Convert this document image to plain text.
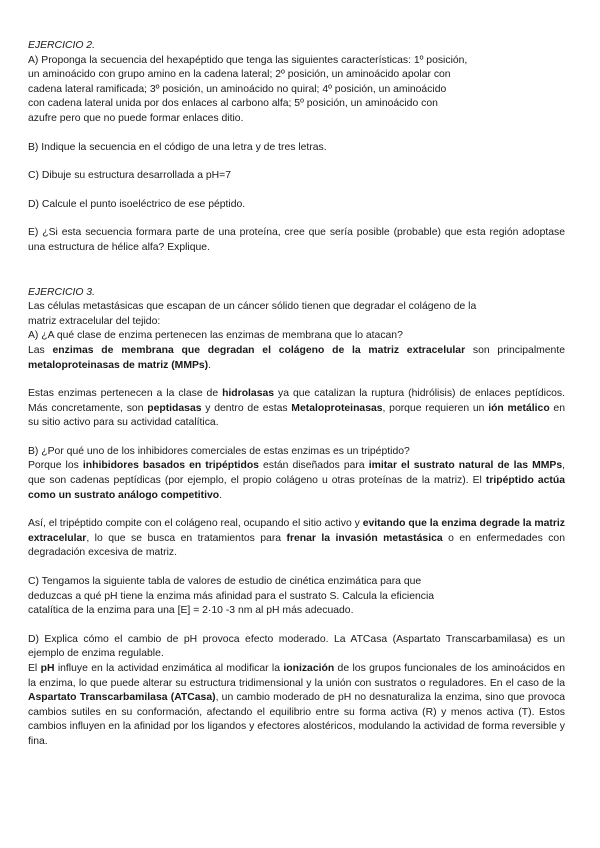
EJERCICIO 2.
A) Proponga la secuencia del hexapéptido que tenga las siguientes características: 1º posición,
un aminoácido con grupo amino en la cadena lateral; 2º posición, un aminoácido apolar con
cadena lateral ramificada; 3º posición, un aminoácido no quiral; 4º posición, un aminoácido
con cadena lateral unida por dos enlaces al carbono alfa; 5º posición, un aminoácido con
azufre pero que no puede formar enlaces ditio.

B) Indique la secuencia en el código de una letra y de tres letras.

C) Dibuje su estructura desarrollada a pH=7

D) Calcule el punto isoeléctrico de ese péptido.

E) ¿Si esta secuencia formara parte de una proteína, cree que sería posible (probable) que esta región adoptase una estructura de hélice alfa? Explique.

EJERCICIO 3.
Las células metastásicas que escapan de un cáncer sólido tienen que degradar el colágeno de la
matriz extracelular del tejido:
A) ¿A qué clase de enzima pertenecen las enzimas de membrana que lo atacan?

Las enzimas de membrana que degradan el colágeno de la matriz extracelular son principalmente metaloproteinasas de matriz (MMPs).

Estas enzimas pertenecen a la clase de hidrolasas ya que catalizan la ruptura (hidrólisis) de enlaces peptídicos. Más concretamente, son peptidasas y dentro de estas Metaloproteinasas, porque requieren un ión metálico en su sitio activo para su actividad catalítica.

B) ¿Por qué uno de los inhibidores comerciales de estas enzimas es un tripéptido?

Porque los inhibidores basados en tripéptidos están diseñados para imitar el sustrato natural de las MMPs, que son cadenas peptídicas (por ejemplo, el propio colágeno u otras proteínas de la matriz). El tripéptido actúa como un sustrato análogo competitivo.

Así, el tripéptido compite con el colágeno real, ocupando el sitio activo y evitando que la enzima degrade la matriz extracelular, lo que se busca en tratamientos para frenar la invasión metastásica o en enfermedades con degradación excesiva de matriz.

C) Tengamos la siguiente tabla de valores de estudio de cinética enzimática para que
deduzcas a qué pH tiene la enzima más afinidad para el sustrato S. Calcula la eficiencia
catalítica de la enzima para una [E] = 2·10 -3 nm al pH más adecuado.

D) Explica cómo el cambio de pH provoca efecto moderado. La ATCasa (Aspartato Transcarbamilasa) es un ejemplo de enzima regulable.

El pH influye en la actividad enzimática al modificar la ionización de los grupos funcionales de los aminoácidos en la enzima, lo que puede alterar su estructura tridimensional y la unión con sustratos o reguladores. En el caso de la Aspartato Transcarbamilasa (ATCasa), un cambio moderado de pH no desnaturaliza la enzima, sino que provoca cambios sutiles en su conformación, afectando el equilibrio entre su forma activa (R) y menos activa (T). Estos cambios influyen en la afinidad por los ligandos y efectores alostéricos, modulando la actividad de forma reversible y fina.
